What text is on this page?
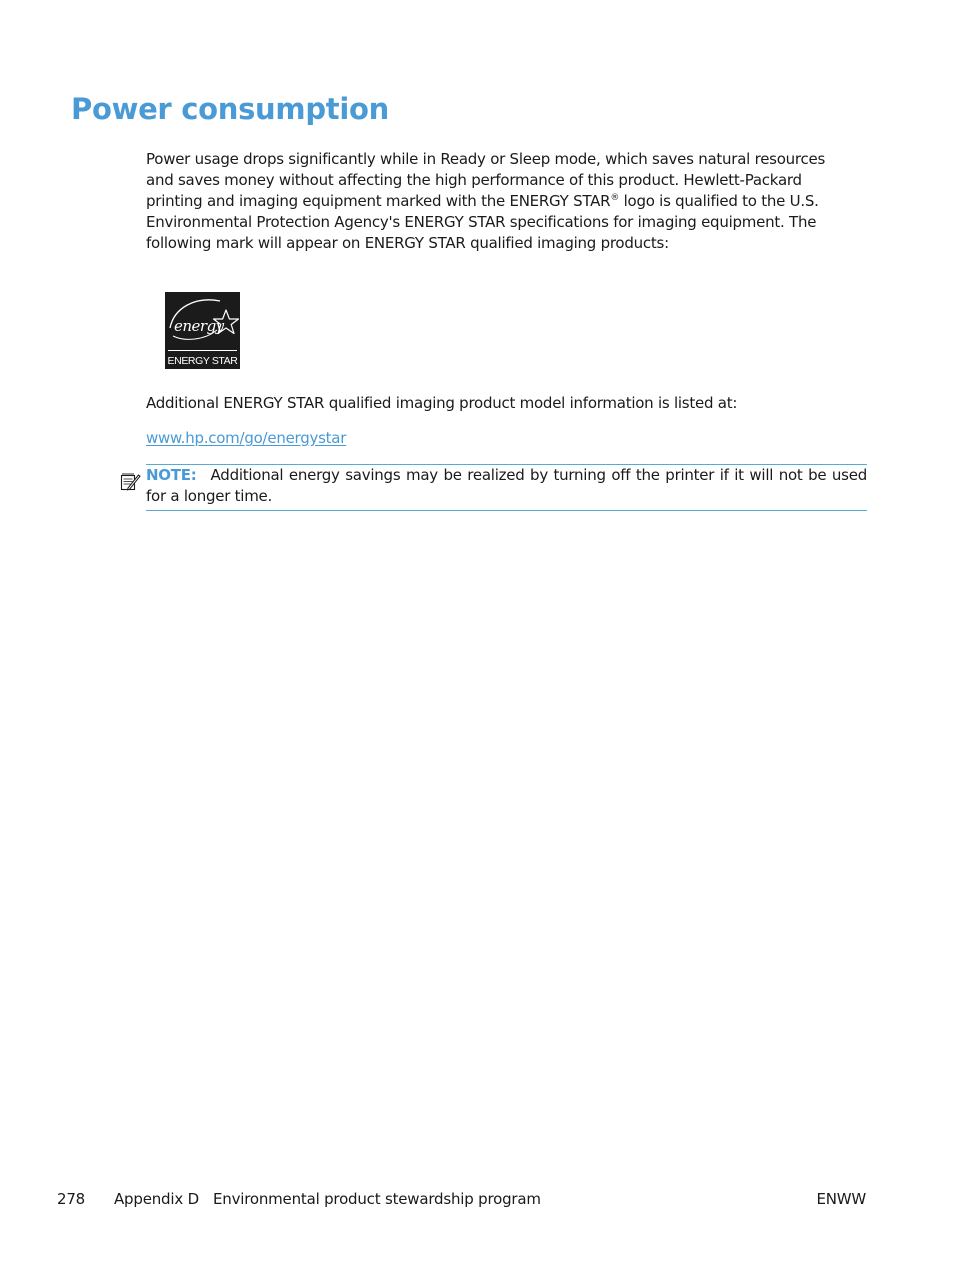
Power consumption

Power usage drops significantly while in Ready or Sleep mode, which saves natural resources and saves money without affecting the high performance of this product. Hewlett-Packard printing and imaging equipment marked with the ENERGY STAR® logo is qualified to the U.S. Environmental Protection Agency's ENERGY STAR specifications for imaging equipment. The following mark will appear on ENERGY STAR qualified imaging products:

energy
ENERGY STAR

Additional ENERGY STAR qualified imaging product model information is listed at:

www.hp.com/go/energystar

NOTE: Additional energy savings may be realized by turning off the printer if it will not be used for a longer time.

278 Appendix D Environmental product stewardship program	ENWW
